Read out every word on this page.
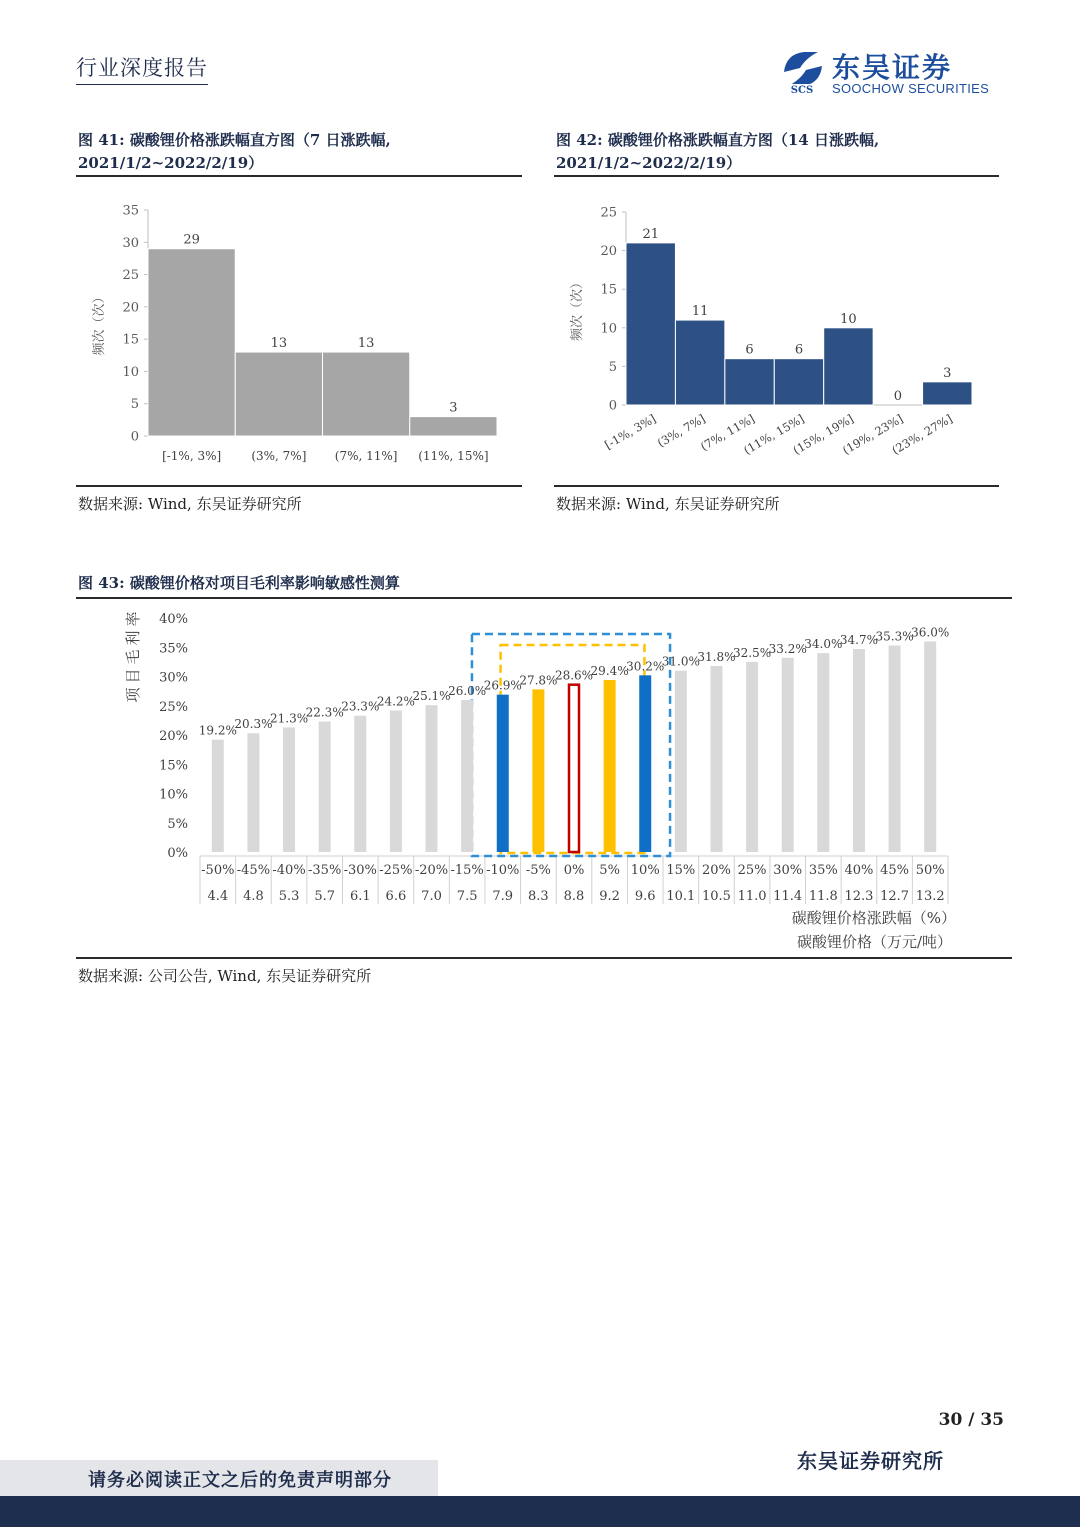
行业深度报告
SCS
东吴证券
SOOCHOW SECURITIES
图 41: 碳酸锂价格涨跌幅直方图（7 日涨跌幅,
2021/1/2~2022/2/19）
0
5
10
15
20
25
30
35
频次（次）
29
[-1%, 3%]
13
(3%, 7%]
13
(7%, 11%]
3
(11%, 15%]
数据来源: Wind, 东吴证券研究所
图 42: 碳酸锂价格涨跌幅直方图（14 日涨跌幅,
2021/1/2~2022/2/19）
0
5
10
15
20
25
频次（次）
21
[-1%, 3%]
11
(3%, 7%]
6
(7%, 11%]
6
(11%, 15%]
10
(15%, 19%]
0
(19%, 23%]
3
(23%, 27%]
数据来源: Wind, 东吴证券研究所
图 43: 碳酸锂价格对项目毛利率影响敏感性测算
0%
5%
10%
15%
20%
25%
30%
35%
40%
项目毛利率
19.2%
-50%
4.4
20.3%
-45%
4.8
21.3%
-40%
5.3
22.3%
-35%
5.7
23.3%
-30%
6.1
24.2%
-25%
6.6
25.1%
-20%
7.0
26.0%
-15%
7.5
26.9%
-10%
7.9
27.8%
-5%
8.3
28.6%
0%
8.8
29.4%
5%
9.2
30.2%
10%
9.6
31.0%
15%
10.1
31.8%
20%
10.5
32.5%
25%
11.0
33.2%
30%
11.4
34.0%
35%
11.8
34.7%
40%
12.3
35.3%
45%
12.7
36.0%
50%
13.2
碳酸锂价格涨跌幅（%）
碳酸锂价格（万元/吨）
数据来源: 公司公告, Wind, 东吴证券研究所
30 / 35
东吴证券研究所
请务必阅读正文之后的免责声明部分
